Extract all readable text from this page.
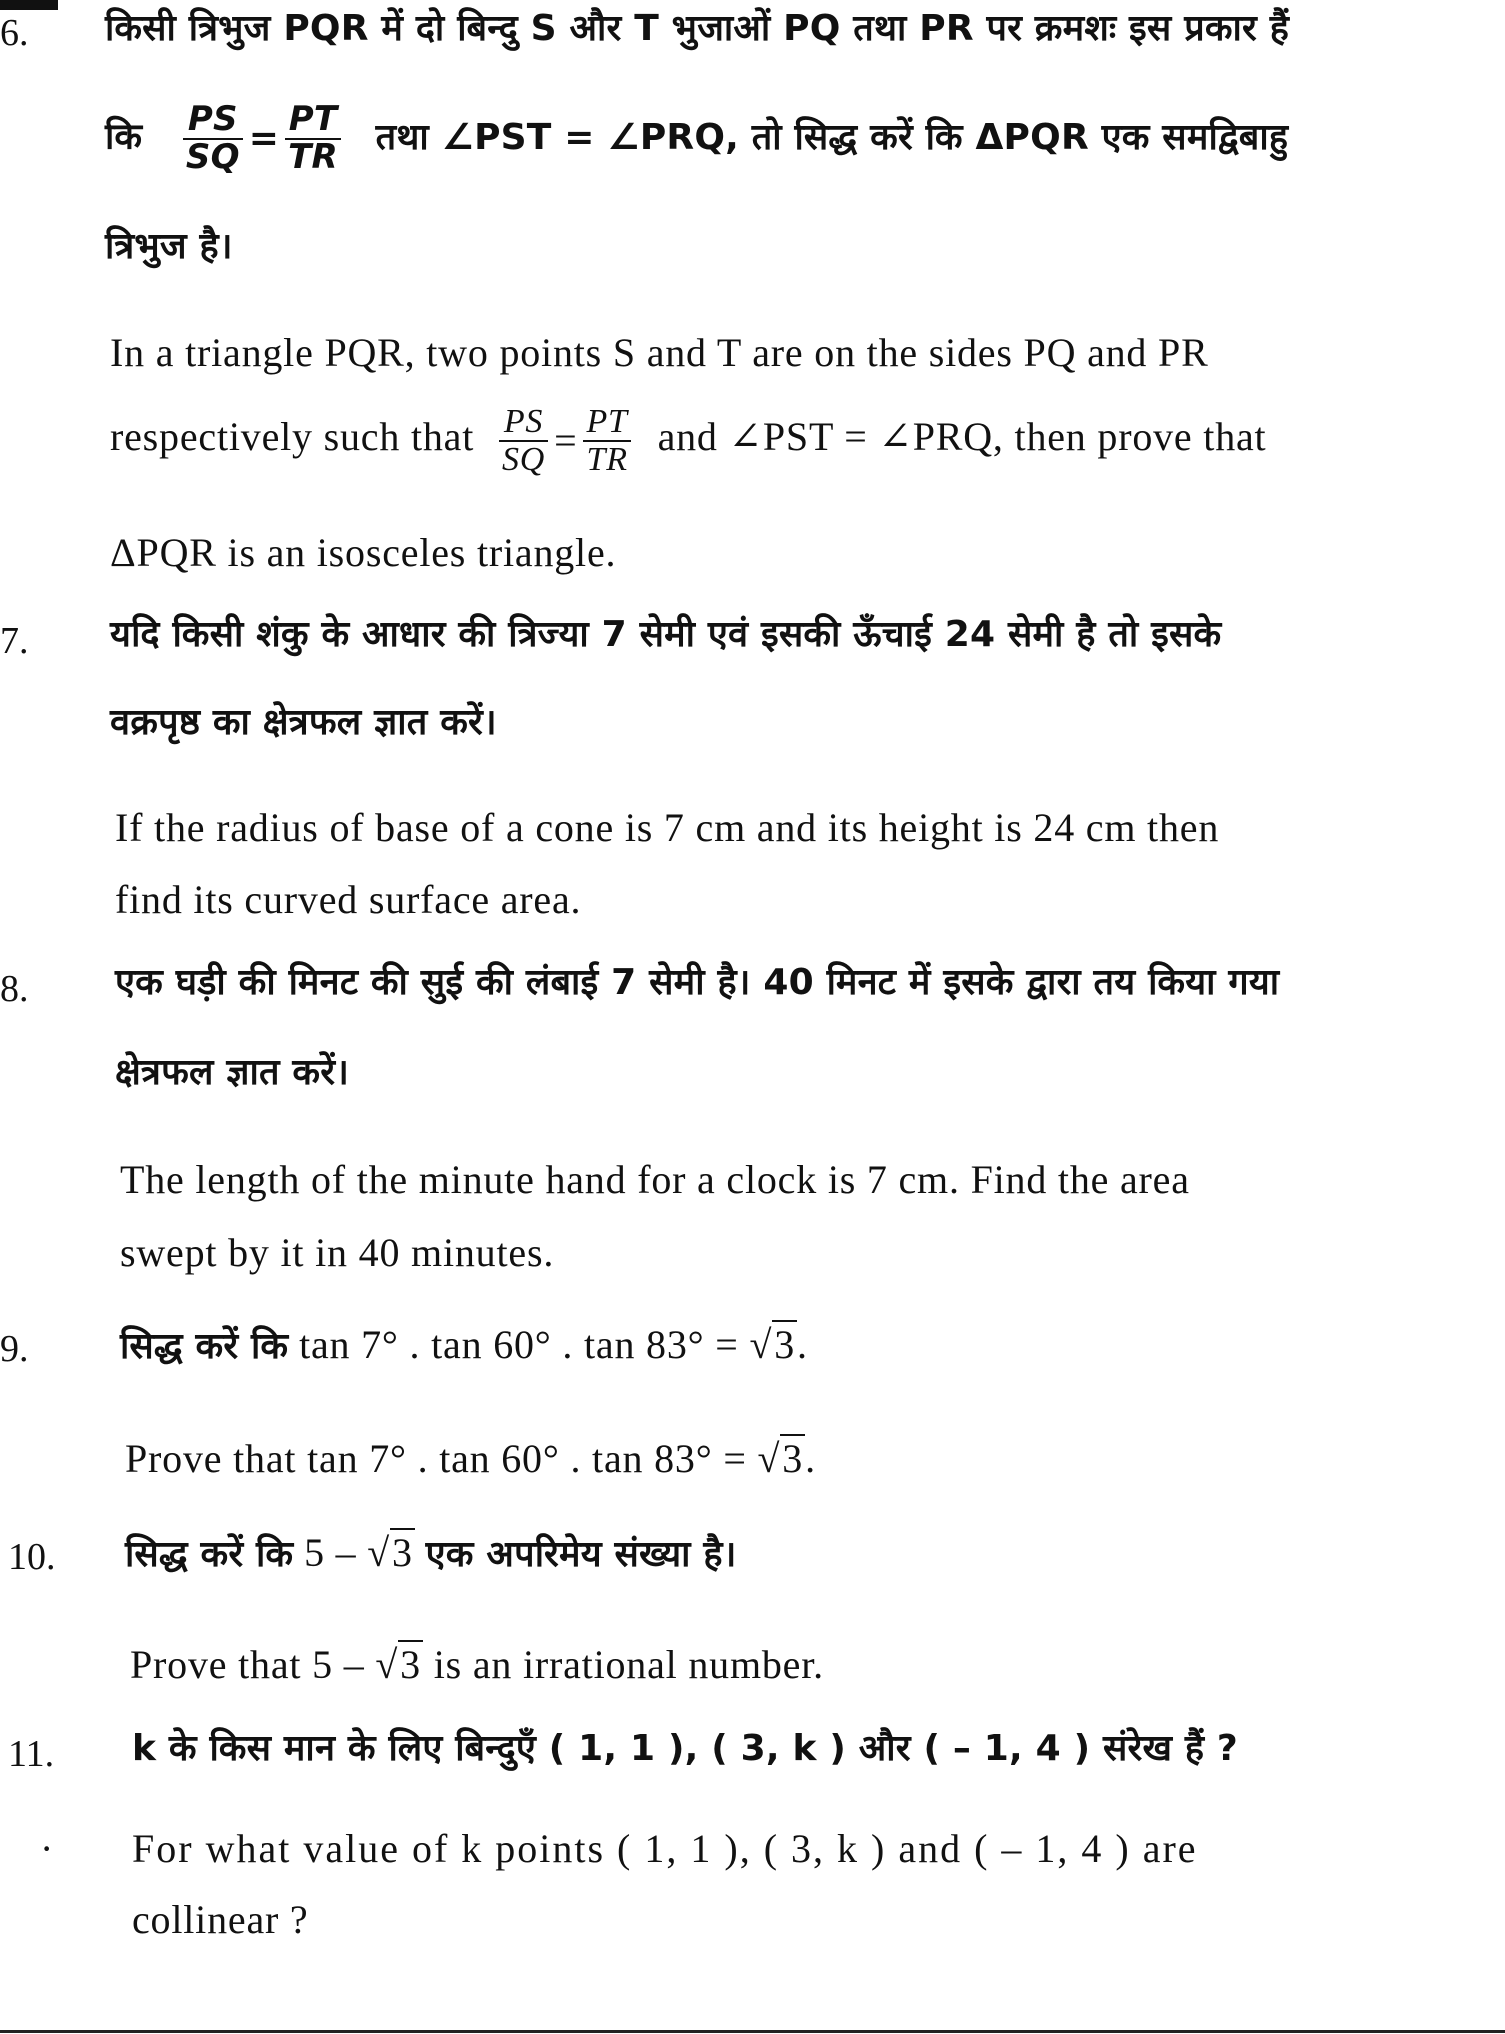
6. किसी त्रिभुज PQR में दो बिन्दु S और T भुजाओं PQ तथा PR पर क्रमशः इस प्रकार हैं
कि $\frac{PS}{SQ} = \frac{PT}{TR}$ तथा ∠PST = ∠PRQ, तो सिद्ध करें कि ΔPQR एक समद्विबाहु
त्रिभुज है।
In a triangle PQR, two points S and T are on the sides PQ and PR
respectively such that $\frac{PS}{SQ} = \frac{PT}{TR}$ and ∠PST = ∠PRQ, then prove that
ΔPQR is an isosceles triangle.
7. यदि किसी शंकु के आधार की त्रिज्या 7 सेमी एवं इसकी ऊँचाई 24 सेमी है तो इसके
वक्रपृष्ठ का क्षेत्रफल ज्ञात करें।
If the radius of base of a cone is 7 cm and its height is 24 cm then
find its curved surface area.
8. एक घड़ी की मिनट की सुई की लंबाई 7 सेमी है। 40 मिनट में इसके द्वारा तय किया गया
क्षेत्रफल ज्ञात करें।
The length of the minute hand for a clock is 7 cm. Find the area
swept by it in 40 minutes.
9.	सिद्ध करें कि tan 7° . tan 60° . tan 83° = √3.
Prove that tan 7° . tan 60° . tan 83° = √3.
10. सिद्ध करें कि 5 – √3 एक अपरिमेय संख्या है।
Prove that 5 – √3 is an irrational number.
11. k के किस मान के लिए बिन्दुएँ ( 1, 1 ), ( 3, k ) और ( – 1, 4 ) संरेख हैं ?
· For what value of k points ( 1, 1 ), ( 3, k ) and ( – 1, 4 ) are
collinear ?
